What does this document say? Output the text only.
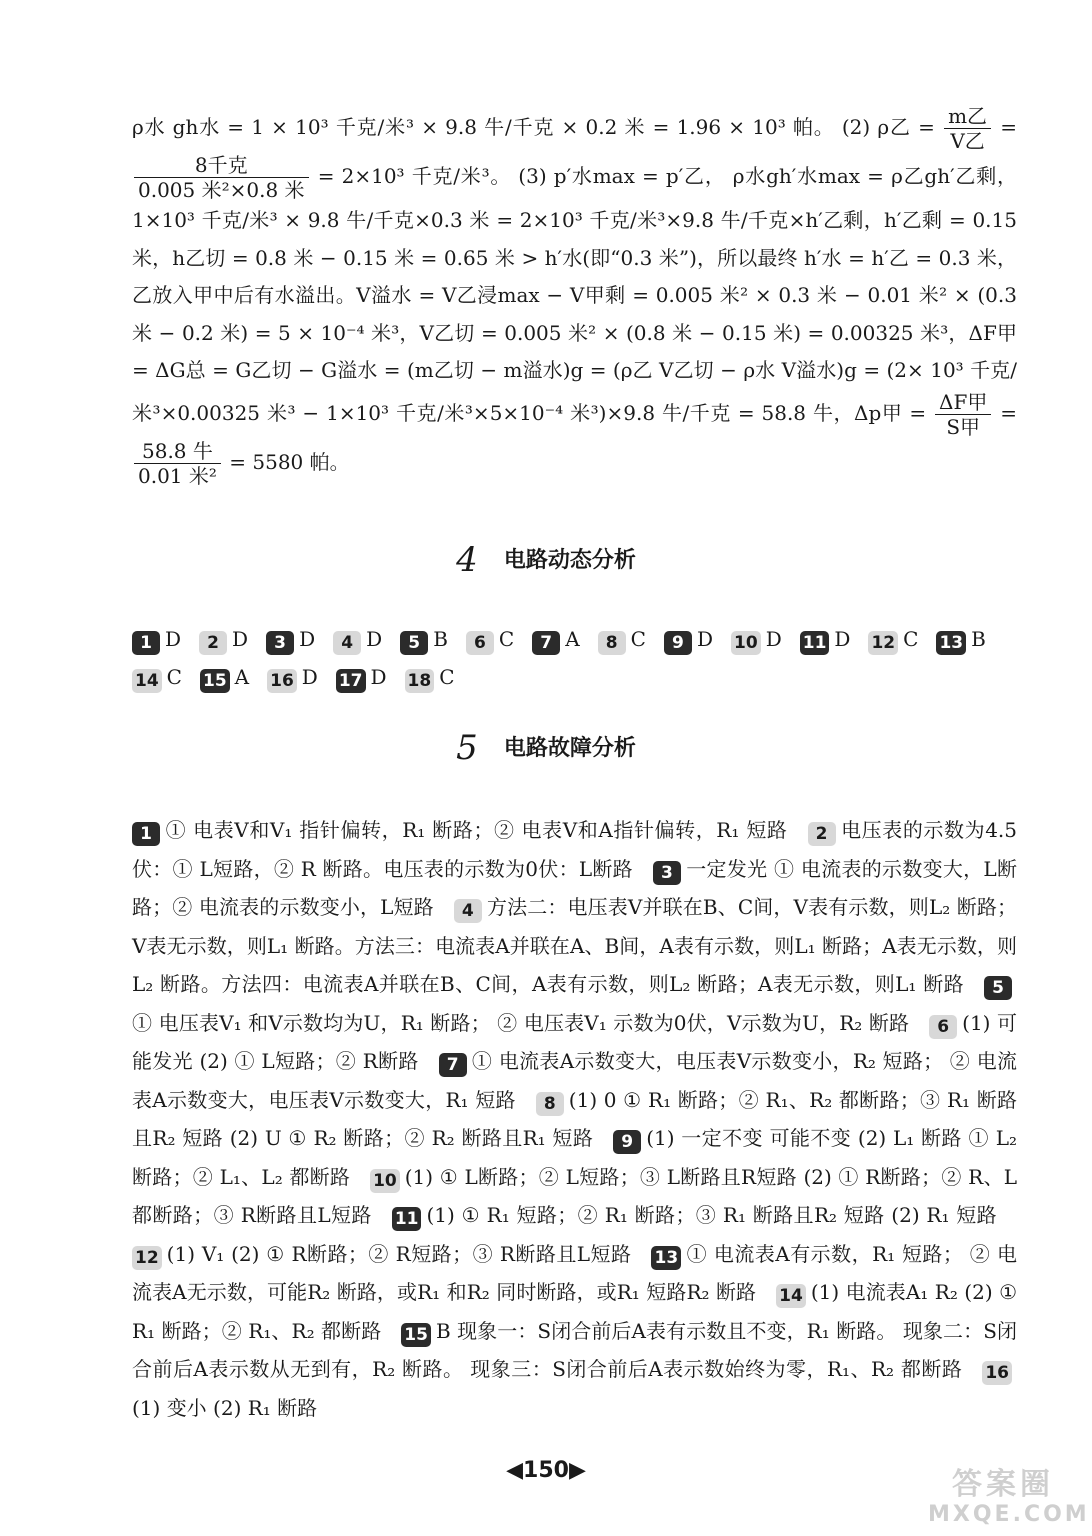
ρ水 gh水 = 1 × 10³ 千克/米³ × 9.8 牛/千克 × 0.2 米 = 1.96 × 10³ 帕。 (2) ρ乙 = $\frac{\text{m乙}}{\text{V乙}}$ =
$\frac{\text{8千克}}{\text{0.005 米²×0.8 米}} = 2\times 10^3$ 千克/米³。 (3) p′水max = p′乙， ρ水gh′水max = ρ乙gh′乙剩，1×10³ 千克/米³ × 9.8 牛/千克×0.3 米 = 2×10³ 千克/米³×9.8 牛/千克×h′乙剩，h′乙剩 = 0.15 米，h乙切 = 0.8 米 − 0.15 米 = 0.65 米 > h′水(即“0.3 米”)，所以最终 h′水 = h′乙 = 0.3 米，乙放入甲中后有水溢出。V溢水 = V乙浸max − V甲剩 = 0.005 米² × 0.3 米 − 0.01 米² × (0.3 米 − 0.2 米) = 5 × 10⁻⁴ 米³，V乙切 = 0.005 米² × (0.8 米 − 0.15 米) = 0.00325 米³，ΔF甲 = ΔG总 = G乙切 − G溢水 = (m乙切 − m溢水)g = (ρ乙 V乙切 − ρ水 V溢水)g = (2× 10³ 千克/米³×0.00325 米³ − 1×10³ 千克/米³×5×10⁻⁴ 米³)×9.8 牛/千克 = 58.8 牛，Δp甲 = $\frac{\text{ΔF甲}}{\text{S甲}}$ =
$\frac{\text{58.8 牛}}{\text{0.01 米²}} = 5580$ 帕。
4 电路动态分析
1 D 2 D 3 D 4 D 5 B 6 C 7 A 8 C 9 D 10 D 11 D 12 C 13 B14 C 15 A 16 D 17 D 18 C
5 电路故障分析
1 ① 电表V和V₁ 指针偏转，R₁ 断路；② 电表V和A指针偏转，R₁ 短路  2 电压表的示数为4.5伏：① L短路，② R 断路。电压表的示数为0伏：L断路  3 一定发光 ① 电流表的示数变大，L断路；② 电流表的示数变小，L短路  4 方法二：电压表V并联在B、C间，V表有示数，则L₂ 断路；V表无示数，则L₁ 断路。方法三：电流表A并联在A、B间，A表有示数，则L₁ 断路；A表无示数，则L₂ 断路。方法四：电流表A并联在B、C间，A表有示数，则L₂ 断路；A表无示数，则L₁ 断路  5① 电压表V₁ 和V示数均为U，R₁ 断路； ② 电压表V₁ 示数为0伏，V示数为U，R₂ 断路  6 (1) 可能发光 (2) ① L短路；② R断路  7 ① 电流表A示数变大，电压表V示数变小，R₂ 短路； ② 电流表A示数变大，电压表V示数变大，R₁ 短路  8 (1) 0 ① R₁ 断路；② R₁、R₂ 都断路；③ R₁ 断路且R₂ 短路 (2) U ① R₂ 断路；② R₂ 断路且R₁ 短路  9 (1) 一定不变 可能不变 (2) L₁ 断路 ① L₂ 断路；② L₁、L₂ 都断路  10 (1) ① L断路；② L短路；③ L断路且R短路 (2) ① R断路；② R、L都断路；③ R断路且L短路  11 (1) ① R₁ 短路；② R₁ 断路；③ R₁ 断路且R₂ 短路 (2) R₁ 短路 12 (1) V₁ (2) ① R断路；② R短路；③ R断路且L短路  13 ① 电流表A有示数，R₁ 短路； ② 电流表A无示数，可能R₂ 断路，或R₁ 和R₂ 同时断路，或R₁ 短路R₂ 断路  14 (1) 电流表A₁ R₂ (2) ① R₁ 断路；② R₁、R₂ 都断路  15 B 现象一：S闭合前后A表有示数且不变，R₁ 断路。 现象二：S闭合前后A表示数从无到有，R₂ 断路。 现象三：S闭合前后A表示数始终为零，R₁、R₂ 都断路  16(1) 变小 (2) R₁ 断路 
◀150▶	答案圈
MXQE.COM
